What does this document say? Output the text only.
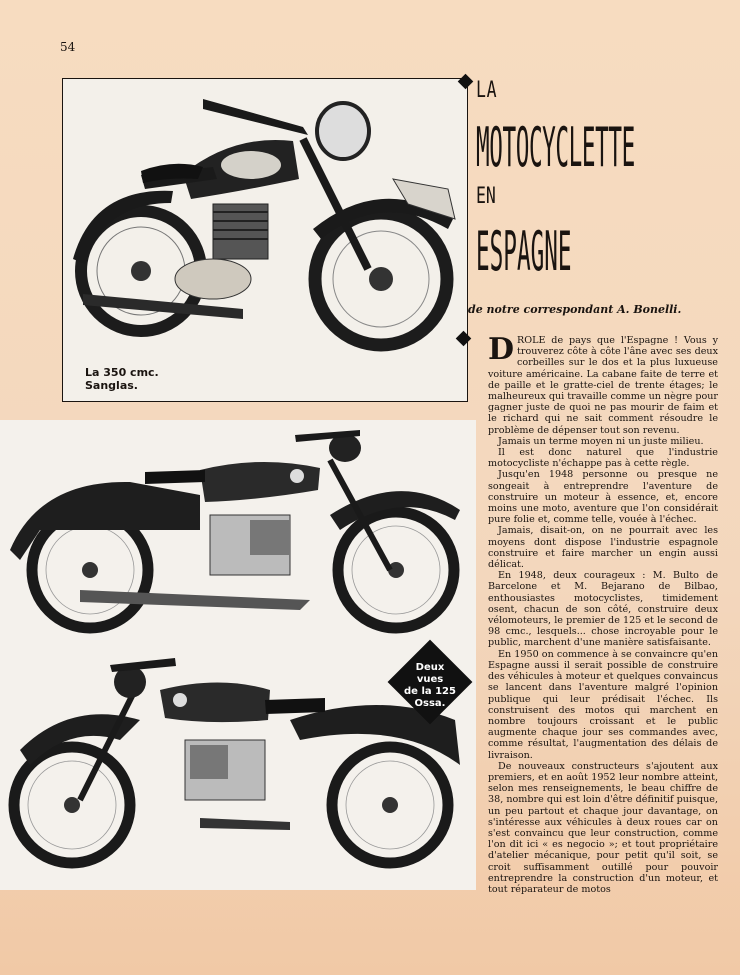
54
La 350 cmc.
Sanglas.
LA
MOTOCYCLETTE
EN
ESPAGNE
de notre correspondant A. Bonelli.
Deux
vues
de la 125
Ossa.

DROLE de pays que l'Espagne ! Vous y trouverez côte à côte l'âne avec ses deux corbeilles sur le dos et la plus luxueuse voiture américaine. La cabane faite de terre et de paille et le gratte-ciel de trente étages; le malheureux qui travaille comme un nègre pour gagner juste de quoi ne pas mourir de faim et le richard qui ne sait comment résoudre le problème de dépenser tout son revenu.

Jamais un terme moyen ni un juste milieu.

Il est donc naturel que l'industrie motocycliste n'échappe pas à cette règle.

Jusqu'en 1948 personne ou presque ne songeait à entreprendre l'aventure de construire un moteur à essence, et, encore moins une moto, aventure que l'on considérait pure folie et, comme telle, vouée à l'échec.

Jamais, disait-on, on ne pourrait avec les moyens dont dispose l'industrie espagnole construire et faire marcher un engin aussi délicat.

En 1948, deux courageux : M. Bulto de Barcelone et M. Bejarano de Bilbao, enthousiastes motocyclistes, timidement osent, chacun de son côté, construire deux vélomoteurs, le premier de 125 et le second de 98 cmc., lesquels... chose incroyable pour le public, marchent d'une manière satisfaisante.

En 1950 on commence à se convaincre qu'en Espagne aussi il serait possible de construire des véhicules à moteur et quelques convaincus se lancent dans l'aventure malgré l'opinion publique qui leur prédisait l'échec. Ils construisent des motos qui marchent en nombre toujours croissant et le public augmente chaque jour ses commandes avec, comme résultat, l'augmentation des délais de livraison.

De nouveaux constructeurs s'ajoutent aux premiers, et en août 1952 leur nombre atteint, selon mes renseignements, le beau chiffre de 38, nombre qui est loin d'être définitif puisque, un peu partout et chaque jour davantage, on s'intéresse aux véhicules à deux roues car on s'est convaincu que leur construction, comme l'on dit ici « es negocio »; et tout propriétaire d'atelier mécanique, pour petit qu'il soit, se croit suffisamment outillé pour pouvoir entreprendre la construction d'un moteur, et tout réparateur de motos
